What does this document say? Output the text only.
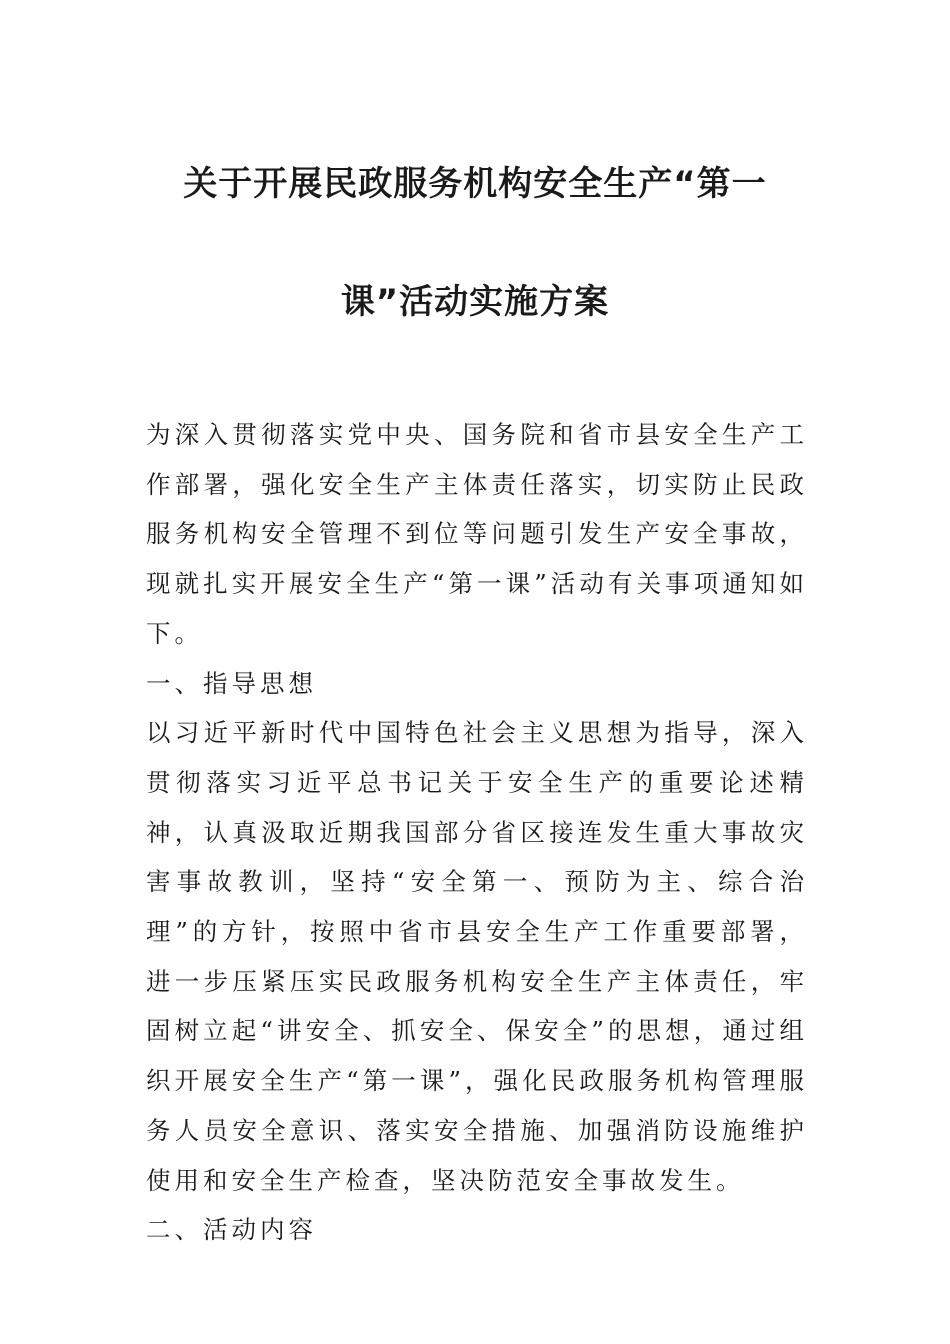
关于开展民政服务机构安全生产“第一
课”活动实施方案

为深入贯彻落实党中央、国务院和省市县安全生产工作部署，强化安全生产主体责任落实，切实防止民政服务机构安全管理不到位等问题引发生产安全事故，现就扎实开展安全生产“第一课”活动有关事项通知如下。

一、指导思想

以习近平新时代中国特色社会主义思想为指导，深入贯彻落实习近平总书记关于安全生产的重要论述精神，认真汲取近期我国部分省区接连发生重大事故灾害事故教训，坚持“安全第一、预防为主、综合治理”的方针，按照中省市县安全生产工作重要部署，进一步压紧压实民政服务机构安全生产主体责任，牢固树立起“讲安全、抓安全、保安全”的思想，通过组织开展安全生产“第一课”，强化民政服务机构管理服务人员安全意识、落实安全措施、加强消防设施维护使用和安全生产检查，坚决防范安全事故发生。

二、活动内容
